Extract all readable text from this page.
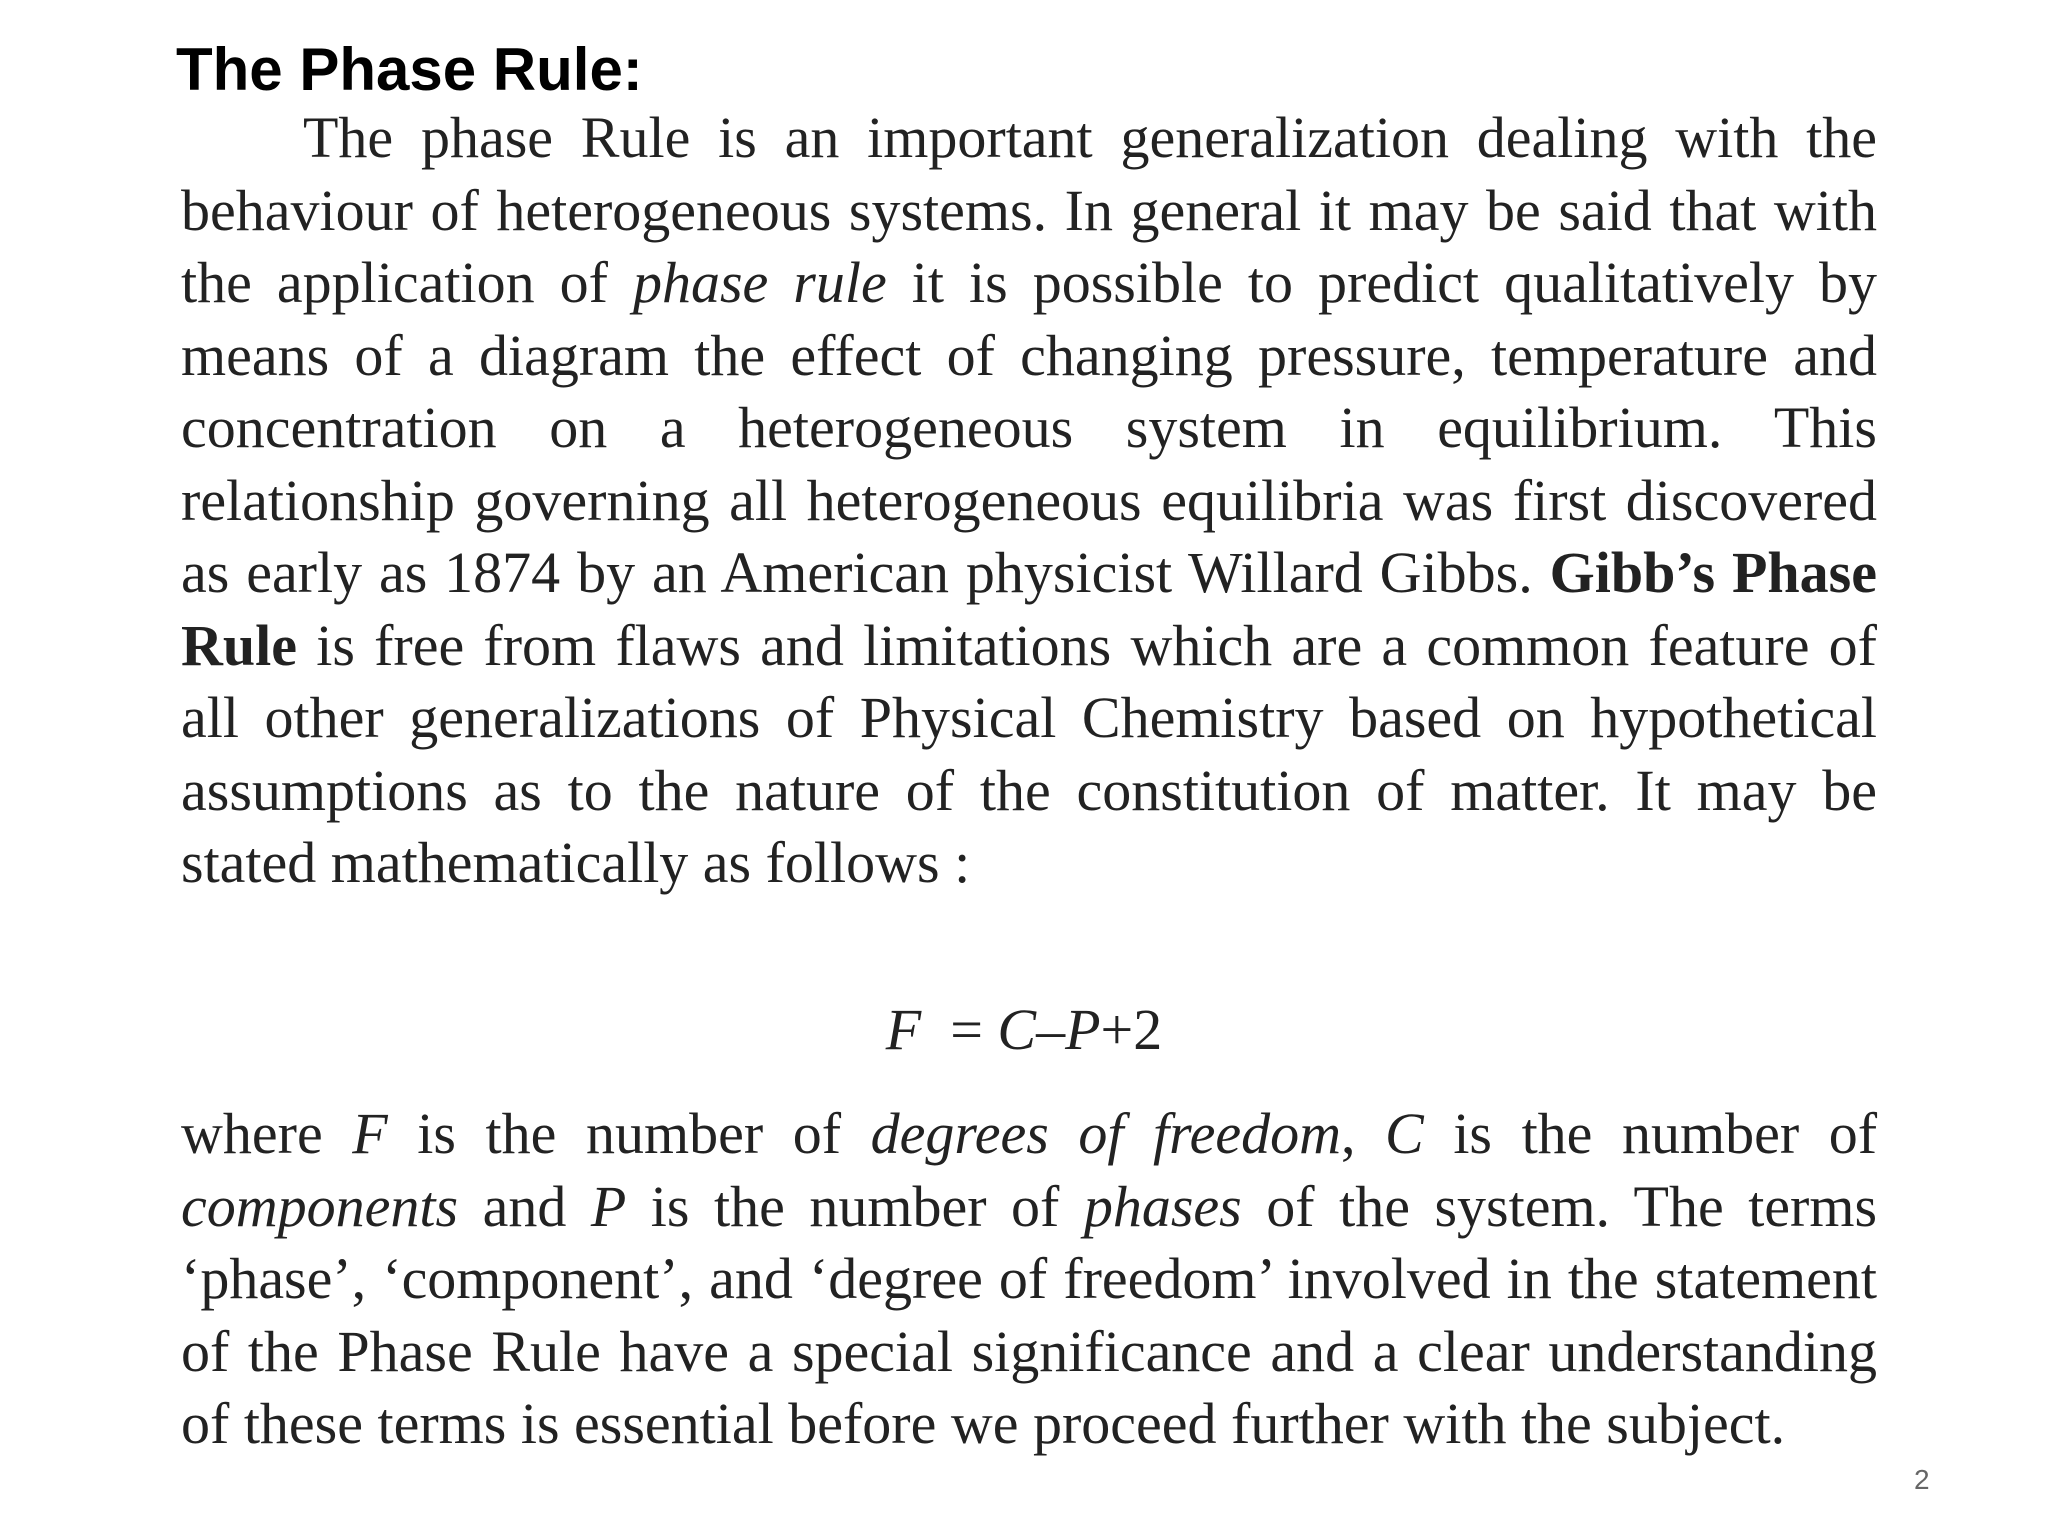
The Phase Rule:

The phase Rule is an important generalization dealing with the behaviour of heterogeneous systems. In general it may be said that with the application of phase rule it is possible to predict qualitatively by means of a diagram the effect of changing pressure, temperature and concentration on a heterogeneous system in equilibrium. This relationship governing all heterogeneous equilibria was first discovered as early as 1874 by an American physicist Willard Gibbs. Gibb’s Phase Rule is free from flaws and limitations which are a common feature of all other generalizations of Physical Chemistry based on hypothetical assumptions as to the nature of the constitution of matter. It may be stated mathematically as follows :

F = C–P+2

where F is the number of degrees of freedom, C is the number of components and P is the number of phases of the system. The terms ‘phase’, ‘component’, and ‘degree of freedom’ involved in the statement of the Phase Rule have a special significance and a clear understanding of these terms is essential before we proceed further with the subject.

2
